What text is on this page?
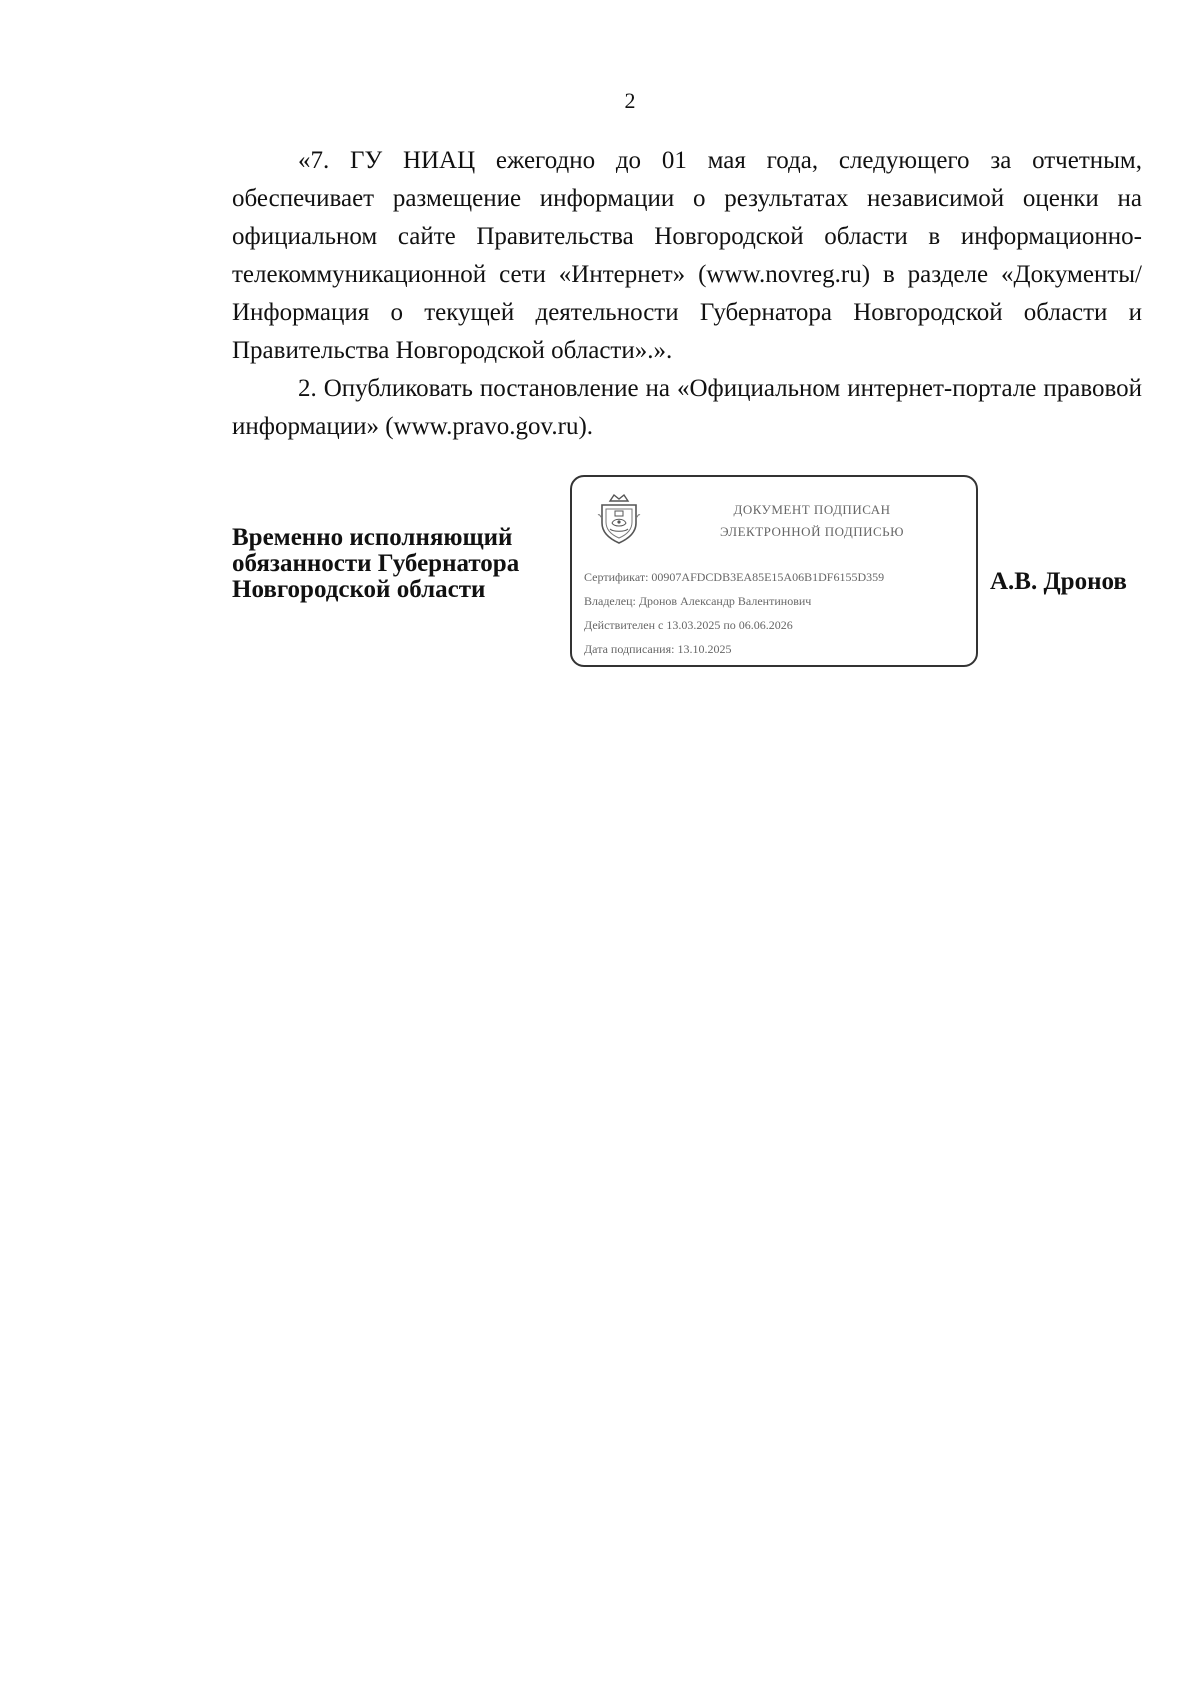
2

«7. ГУ НИАЦ ежегодно до 01 мая года, следующего за отчетным, обеспечивает размещение информации о результатах независимой оценки на официальном сайте Правительства Новгородской области в информационно-телекоммуникационной сети «Интернет» (www.novreg.ru) в разделе «Документы/Информация о текущей деятельности Губернатора Новгородской области и Правительства Новгородской области».».

2. Опубликовать постановление на «Официальном интернет-портале правовой информации» (www.pravo.gov.ru).

Временно исполняющий
обязанности Губернатора
Новгородской области
ДОКУМЕНТ ПОДПИСАН
ЭЛЕКТРОННОЙ ПОДПИСЬЮ
Сертификат: 00907AFDCDB3EA85E15A06B1DF6155D359
Владелец: Дронов Александр Валентинович
Действителен с 13.03.2025 по 06.06.2026
Дата подписания: 13.10.2025
А.В. Дронов
